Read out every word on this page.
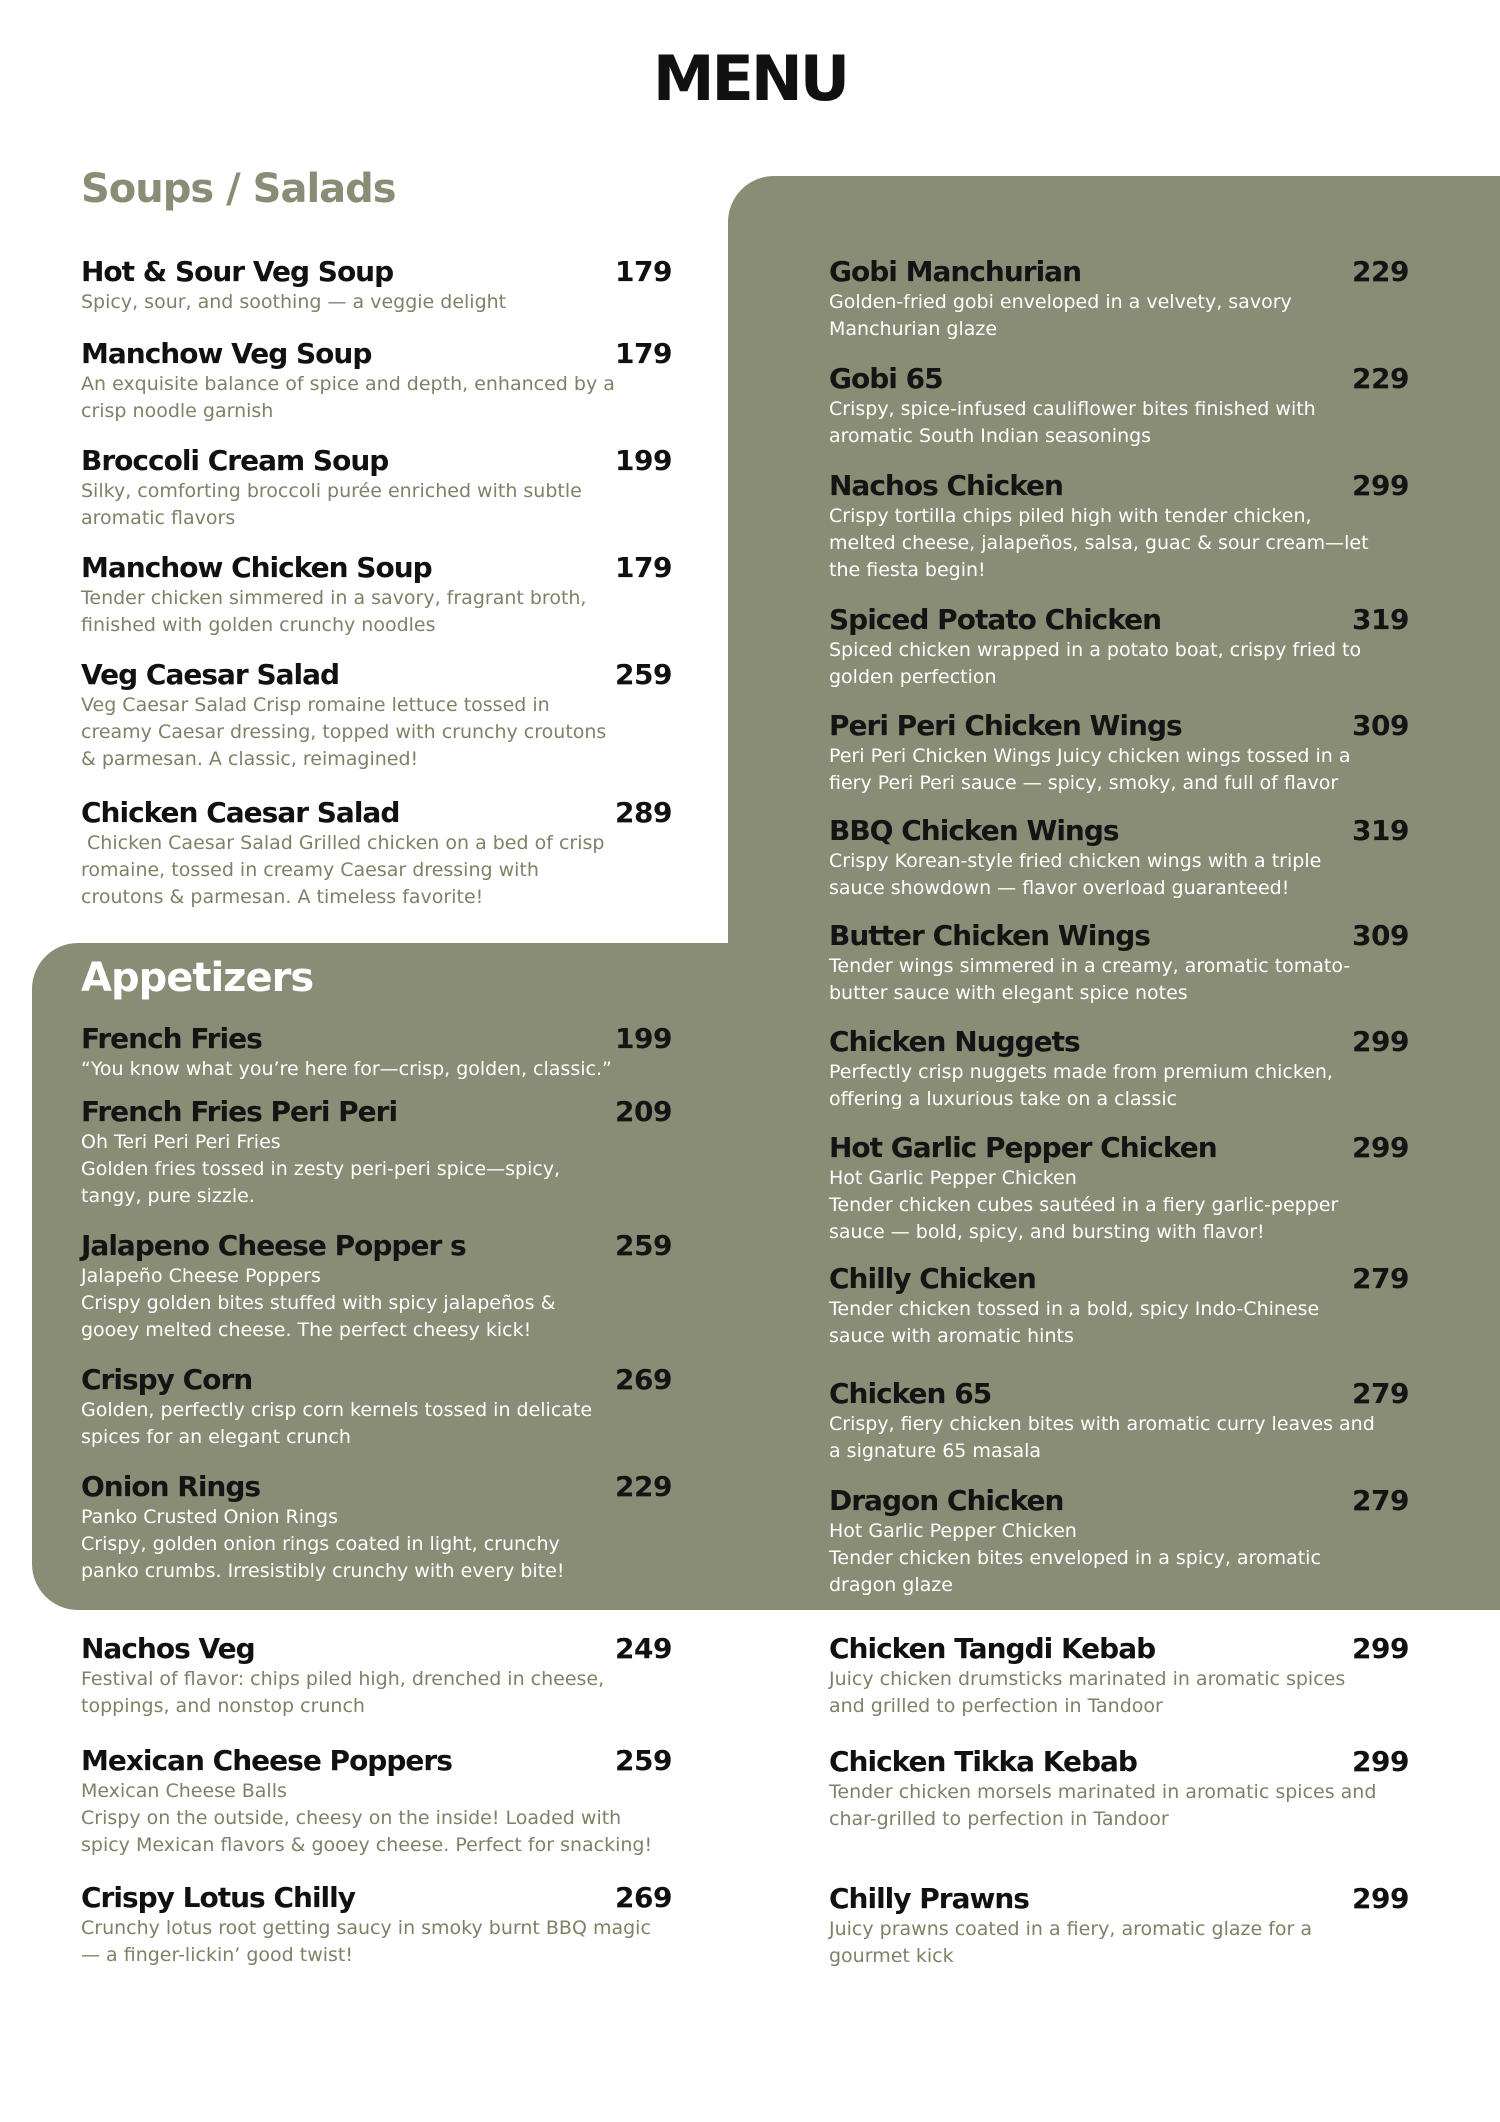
MENU
Soups / Salads
Appetizers
Hot & Sour Veg Soup	179
Spicy, sour, and soothing — a veggie delight
Manchow Veg Soup	179
An exquisite balance of spice and depth, enhanced by a
crisp noodle garnish
Broccoli Cream Soup	199
Silky, comforting broccoli purée enriched with subtle
aromatic flavors
Manchow Chicken Soup	179
Tender chicken simmered in a savory, fragrant broth,
finished with golden crunchy noodles
Veg Caesar Salad	259
Veg Caesar Salad Crisp romaine lettuce tossed in
creamy Caesar dressing, topped with crunchy croutons
& parmesan. A classic, reimagined!
Chicken Caesar Salad	289
Chicken Caesar Salad Grilled chicken on a bed of crisp
romaine, tossed in creamy Caesar dressing with
croutons & parmesan. A timeless favorite!
French Fries	199
“You know what you’re here for—crisp, golden, classic.”
French Fries Peri Peri	209
Oh Teri Peri Peri Fries
Golden fries tossed in zesty peri-peri spice—spicy,
tangy, pure sizzle.
Jalapeno Cheese Popper s	259
Jalapeño Cheese Poppers
Crispy golden bites stuffed with spicy jalapeños &
gooey melted cheese. The perfect cheesy kick!
Crispy Corn	269
Golden, perfectly crisp corn kernels tossed in delicate
spices for an elegant crunch
Onion Rings	229
Panko Crusted Onion Rings
Crispy, golden onion rings coated in light, crunchy
panko crumbs. Irresistibly crunchy with every bite!
Nachos Veg	249
Festival of flavor: chips piled high, drenched in cheese,
toppings, and nonstop crunch
Mexican Cheese Poppers	259
Mexican Cheese Balls
Crispy on the outside, cheesy on the inside! Loaded with
spicy Mexican flavors & gooey cheese. Perfect for snacking!
Crispy Lotus Chilly	269
Crunchy lotus root getting saucy in smoky burnt BBQ magic
— a finger-lickin’ good twist!
Gobi Manchurian	229
Golden-fried gobi enveloped in a velvety, savory
Manchurian glaze
Gobi 65	229
Crispy, spice-infused cauliflower bites finished with
aromatic South Indian seasonings
Nachos Chicken	299
Crispy tortilla chips piled high with tender chicken,
melted cheese, jalapeños, salsa, guac & sour cream—let
the fiesta begin!
Spiced Potato Chicken	319
Spiced chicken wrapped in a potato boat, crispy fried to
golden perfection
Peri Peri Chicken Wings	309
Peri Peri Chicken Wings Juicy chicken wings tossed in a
fiery Peri Peri sauce — spicy, smoky, and full of flavor
BBQ Chicken Wings	319
Crispy Korean-style fried chicken wings with a triple
sauce showdown — flavor overload guaranteed!
Butter Chicken Wings	309
Tender wings simmered in a creamy, aromatic tomato-
butter sauce with elegant spice notes
Chicken Nuggets	299
Perfectly crisp nuggets made from premium chicken,
offering a luxurious take on a classic
Hot Garlic Pepper Chicken	299
Hot Garlic Pepper Chicken
Tender chicken cubes sautéed in a fiery garlic-pepper
sauce — bold, spicy, and bursting with flavor!
Chilly Chicken	279
Tender chicken tossed in a bold, spicy Indo-Chinese
sauce with aromatic hints
Chicken 65	279
Crispy, fiery chicken bites with aromatic curry leaves and
a signature 65 masala
Dragon Chicken	279
Hot Garlic Pepper Chicken
Tender chicken bites enveloped in a spicy, aromatic
dragon glaze
Chicken Tangdi Kebab	299
Juicy chicken drumsticks marinated in aromatic spices
and grilled to perfection in Tandoor
Chicken Tikka Kebab	299
Tender chicken morsels marinated in aromatic spices and
char-grilled to perfection in Tandoor
Chilly Prawns	299
Juicy prawns coated in a fiery, aromatic glaze for a
gourmet kick
